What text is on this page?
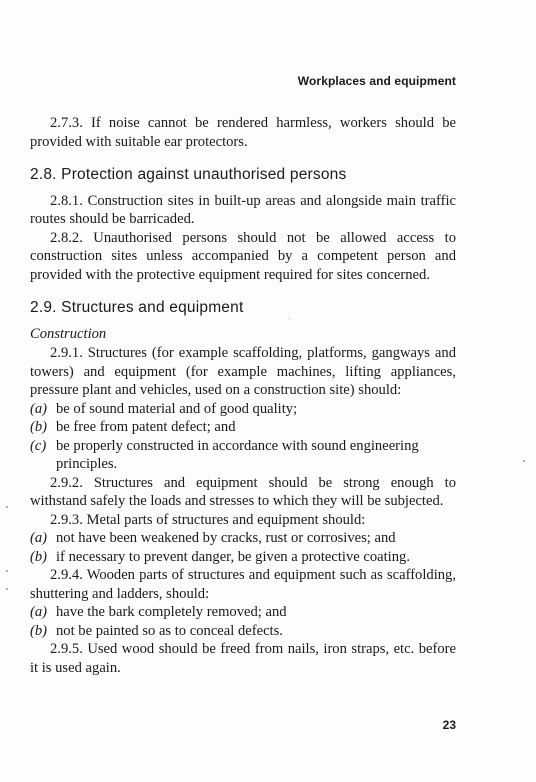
Workplaces and equipment

2.7.3. If noise cannot be rendered harmless, workers should be provided with suitable ear protectors.

2.8. Protection against unauthorised persons

2.8.1. Construction sites in built-up areas and alongside main traffic routes should be barricaded.

2.8.2. Unauthorised persons should not be allowed access to construction sites unless accompanied by a competent person and provided with the protective equipment required for sites concerned.

2.9. Structures and equipment
Construction

2.9.1. Structures (for example scaffolding, platforms, gangways and towers) and equipment (for example machines, lifting appliances, pressure plant and vehicles, used on a construction site) should:

(a) be of sound material and of good quality;
(b) be free from patent defect; and
(c) be properly constructed in accordance with sound engineering principles.

2.9.2. Structures and equipment should be strong enough to withstand safely the loads and stresses to which they will be subjected.

2.9.3. Metal parts of structures and equipment should:

(a) not have been weakened by cracks, rust or corrosives; and
(b) if necessary to prevent danger, be given a protective coating.

2.9.4. Wooden parts of structures and equipment such as scaffolding, shuttering and ladders, should:

(a) have the bark completely removed; and
(b) not be painted so as to conceal defects.

2.9.5. Used wood should be freed from nails, iron straps, etc. before it is used again.

23
